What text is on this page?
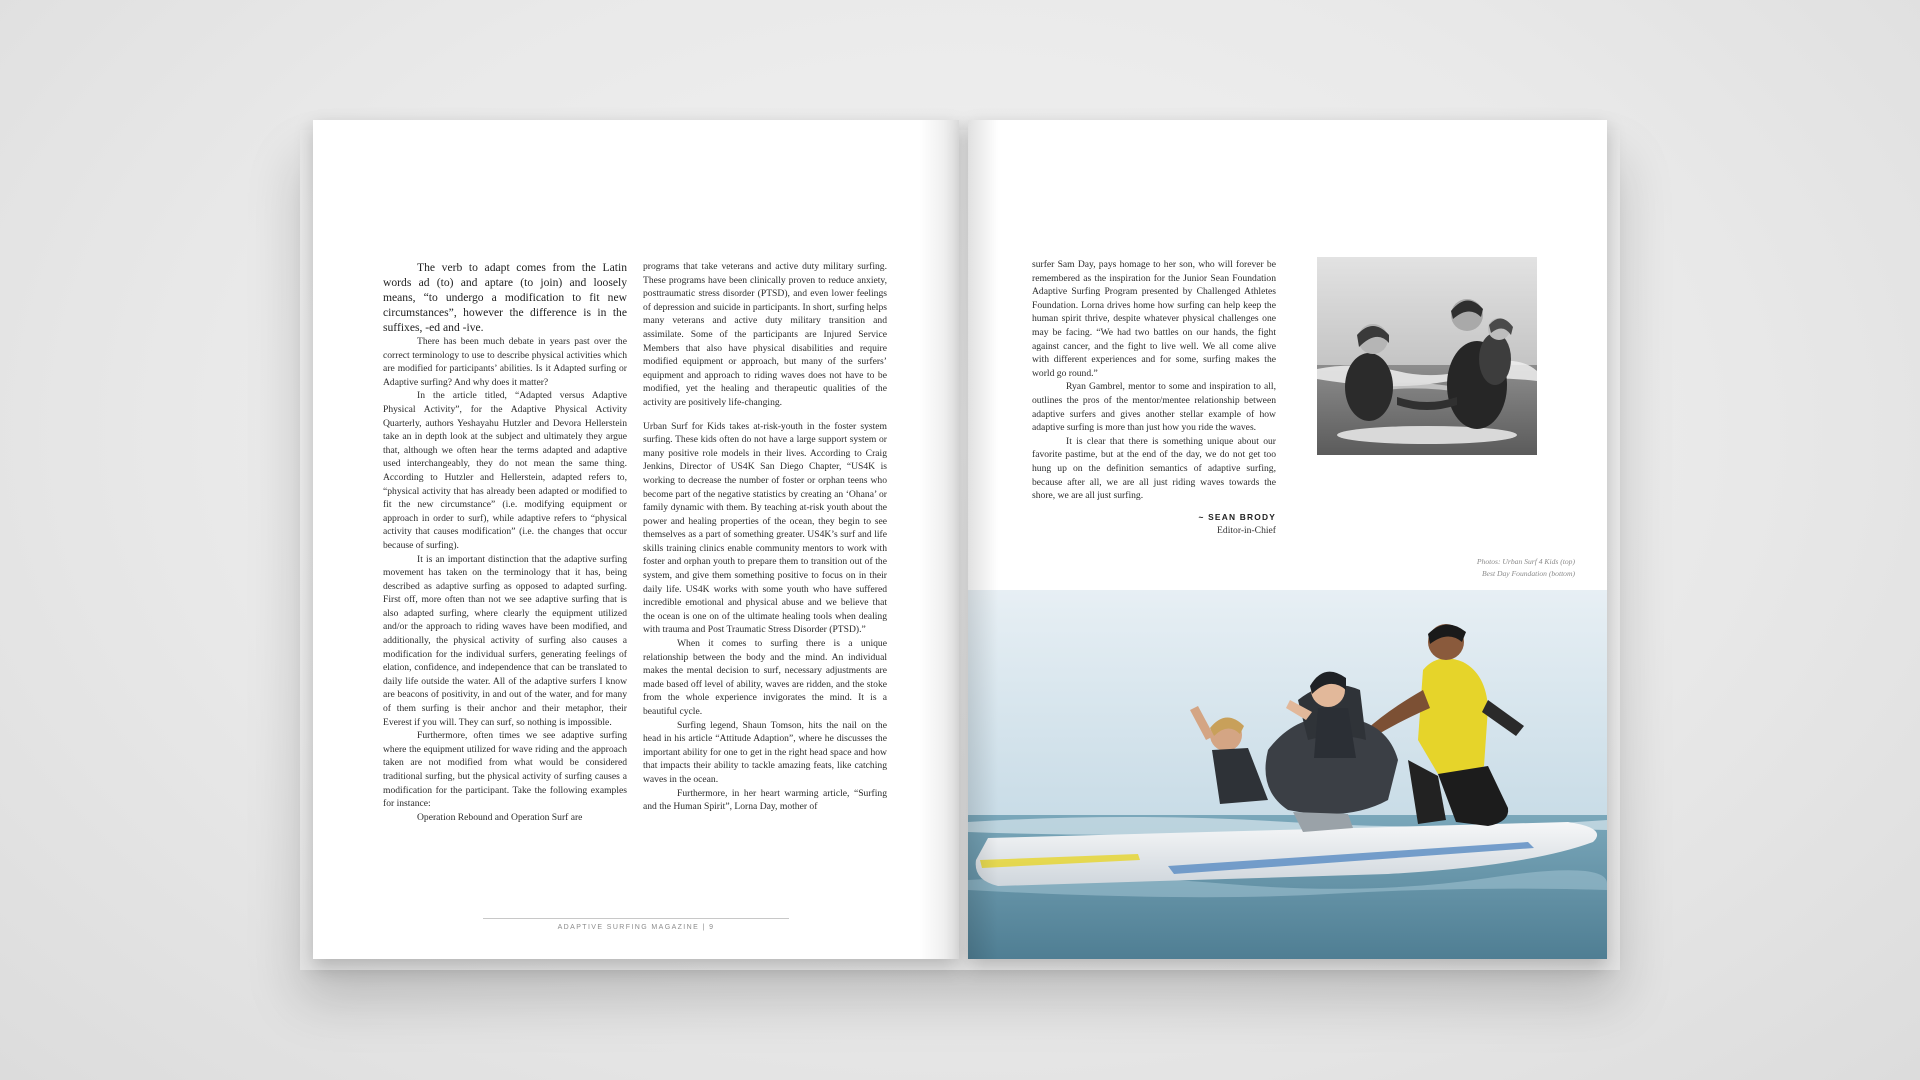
The verb to adapt comes from the Latin words ad (to) and aptare (to join) and loosely means, “to undergo a modification to fit new circumstances”, however the difference is in the suffixes, -ed and -ive.

There has been much debate in years past over the correct terminology to use to describe physical activities which are modified for participants’ abilities. Is it Adapted surfing or Adaptive surfing? And why does it matter?

In the article titled, “Adapted versus Adaptive Physical Activity”, for the Adaptive Physical Activity Quarterly, authors Yeshayahu Hutzler and Devora Hellerstein take an in depth look at the subject and ultimately they argue that, although we often hear the terms adapted and adaptive used interchangeably, they do not mean the same thing. According to Hutzler and Hellerstein, adapted refers to, “physical activity that has already been adapted or modified to fit the new circumstance” (i.e. modifying equipment or approach in order to surf), while adaptive refers to “physical activity that causes modification” (i.e. the changes that occur because of surfing).

It is an important distinction that the adaptive surfing movement has taken on the terminology that it has, being described as adaptive surfing as opposed to adapted surfing. First off, more often than not we see adaptive surfing that is also adapted surfing, where clearly the equipment utilized and/or the approach to riding waves have been modified, and additionally, the physical activity of surfing also causes a modification for the individual surfers, generating feelings of elation, confidence, and independence that can be translated to daily life outside the water. All of the adaptive surfers I know are beacons of positivity, in and out of the water, and for many of them surfing is their anchor and their metaphor, their Everest if you will. They can surf, so nothing is impossible.

Furthermore, often times we see adaptive surfing where the equipment utilized for wave riding and the approach taken are not modified from what would be considered traditional surfing, but the physical activity of surfing causes a modification for the participant. Take the following examples for instance:

Operation Rebound and Operation Surf are

programs that take veterans and active duty military surfing. These programs have been clinically proven to reduce anxiety, posttraumatic stress disorder (PTSD), and even lower feelings of depression and suicide in participants. In short, surfing helps many veterans and active duty military transition and assimilate. Some of the participants are Injured Service Members that also have physical disabilities and require modified equipment or approach, but many of the surfers’ equipment and approach to riding waves does not have to be modified, yet the healing and therapeutic qualities of the activity are positively life-changing.

Urban Surf for Kids takes at-risk-youth in the foster system surfing. These kids often do not have a large support system or many positive role models in their lives. According to Craig Jenkins, Director of US4K San Diego Chapter, “US4K is working to decrease the number of foster or orphan teens who become part of the negative statistics by creating an ‘Ohana’ or family dynamic with them. By teaching at-risk youth about the power and healing properties of the ocean, they begin to see themselves as a part of something greater. US4K’s surf and life skills training clinics enable community mentors to work with foster and orphan youth to prepare them to transition out of the system, and give them something positive to focus on in their daily life. US4K works with some youth who have suffered incredible emotional and physical abuse and we believe that the ocean is one on of the ultimate healing tools when dealing with trauma and Post Traumatic Stress Disorder (PTSD).”

When it comes to surfing there is a unique relationship between the body and the mind. An individual makes the mental decision to surf, necessary adjustments are made based off level of ability, waves are ridden, and the stoke from the whole experience invigorates the mind. It is a beautiful cycle.

Surfing legend, Shaun Tomson, hits the nail on the head in his article “Attitude Adaption”, where he discusses the important ability for one to get in the right head space and how that impacts their ability to tackle amazing feats, like catching waves in the ocean.

Furthermore, in her heart warming article, “Surfing and the Human Spirit”, Lorna Day, mother of

ADAPTIVE SURFING MAGAZINE | 9

surfer Sam Day, pays homage to her son, who will forever be remembered as the inspiration for the Junior Sean Foundation Adaptive Surfing Program presented by Challenged Athletes Foundation. Lorna drives home how surfing can help keep the human spirit thrive, despite whatever physical challenges one may be facing. “We had two battles on our hands, the fight against cancer, and the fight to live well. We all come alive with different experiences and for some, surfing makes the world go round.”

Ryan Gambrel, mentor to some and inspiration to all, outlines the pros of the mentor/mentee relationship between adaptive surfers and gives another stellar example of how adaptive surfing is more than just how you ride the waves.

It is clear that there is something unique about our favorite pastime, but at the end of the day, we do not get too hung up on the definition semantics of adaptive surfing, because after all, we are all just riding waves towards the shore, we are all just surfing.

~ SEAN BRODY
Editor-in-Chief
Photos: Urban Surf 4 Kids (top)
Best Day Foundation (bottom)
